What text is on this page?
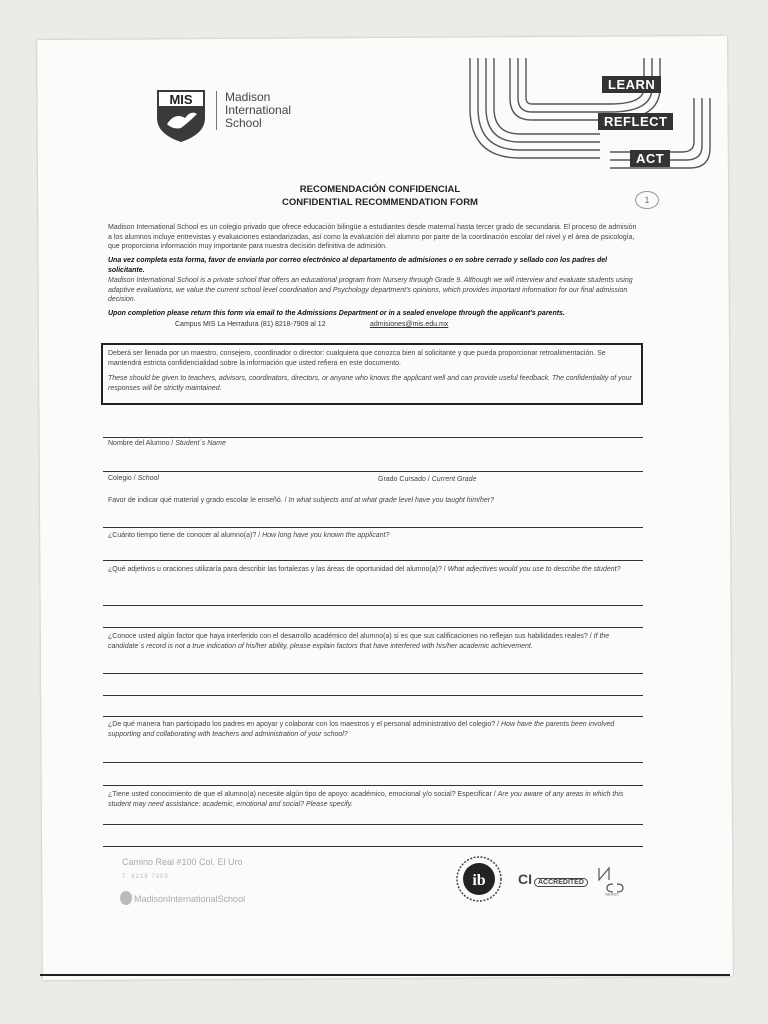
MIS	Madison
International
School
LEARN
REFLECT
ACT
1
RECOMENDACIÓN CONFIDENCIAL
CONFIDENTIAL RECOMMENDATION FORM
Madison International School es un colegio privado que ofrece educación bilingüe a estudiantes desde maternal hasta tercer grado de secundaria. El proceso de admisión a los alumnos incluye entrevistas y evaluaciones estandarizadas, así como la evaluación del alumno por parte de la coordinación escolar del nivel y el área de psicología, que proporciona información muy importante para nuestra decisión definitiva de admisión.
Una vez completa esta forma, favor de enviarla por correo electrónico al departamento de admisiones o en sobre cerrado y sellado con los padres del solicitante.
Madison International School is a private school that offers an educational program from Nursery through Grade 9. Although we will interview and evaluate students using adaptive evaluations, we value the current school level coordination and Psychology department's opinions, which provides important information for our final admission decision.
Upon completion please return this form via email to the Admissions Department or in a sealed envelope through the applicant's parents.
Campus MIS La Herradura (81) 8218-7909 al 12	admisiones@mis.edu.mx

Deberá ser llenada por un maestro, consejero, coordinador o director: cualquiera que conozca bien al solicitante y que pueda proporcionar retroalimentación. Se mantendrá estricta confidencialidad sobre la información que usted refiera en este documento.

These should be given to teachers, advisors, coordinators, directors, or anyone who knows the applicant well and can provide useful feedback. The confidentiality of your responses will be strictly maintained.

Nombre del Alumno / Student´s Name
Colegio / School	Grado Cursado / Current Grade
Favor de indicar qué material y grado escolar le enseñó. / In what subjects and at what grade level have you taught him/her?
¿Cuánto tiempo tiene de conocer al alumno(a)? / How long have you known the applicant?
¿Qué adjetivos u oraciones utilizaría para describir las fortalezas y las áreas de oportunidad del alumno(a)? / What adjectives would you use to describe the student?
¿Conoce usted algún factor que haya interferido con el desarrollo académico del alumno(a) si es que sus calificaciones no reflejan sus habilidades reales? / If the candidate´s record is not a true indication of his/her ability, please explain factors that have interfered with his/her academic achievement.
¿De qué manera han participado los padres en apoyar y colaborar con los maestros y el personal administrativo del colegio? / How have the parents been involved supporting and collaborating with teachers and administration of your school?
¿Tiene usted conocimiento de que el alumno(a) necesite algún tipo de apoyo: académico, emocional y/o social? Especificar / Are you aware of any areas in which this student may need assistance: academic, emotional and social? Please specify.
Camino Real #100 Col. El Uro
T. 8218 7909
MadisonInternationalSchool
ib CI ACCREDITED
NEASC
